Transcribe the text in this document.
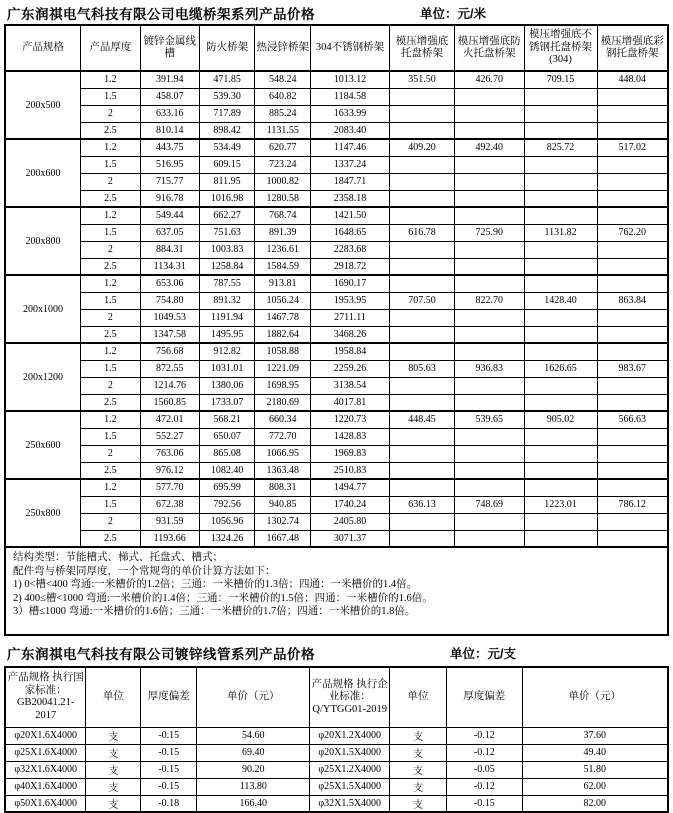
广东润祺电气科技有限公司电缆桥架系列产品价格	单位：元/米
产品规格	产品厚度	镀锌金属线槽	防火桥架	热浸锌桥架	304不锈钢桥架	模压增强底托盘桥架	模压增强底防火托盘桥架	模压增强底不锈钢托盘桥架(304)	模压增强底彩钢托盘桥架
200x500	1.2	391.94	471.85	548.24	1013.12	351.50	426.70	709.15	448.04
	1.5	458.07	539.30	640.82	1184.58				
	2	633.16	717.89	885.24	1633.99				
	2.5	810.14	898.42	1131.55	2083.40				
200x600	1.2	443.75	534.49	620.77	1147.46	409.20	492.40	825.72	517.02
	1.5	516.95	609.15	723.24	1337.24				
	2	715.77	811.95	1000.82	1847.71				
	2.5	916.78	1016.98	1280.58	2358.18				
200x800	1.2	549.44	662.27	768.74	1421.50				
	1.5	637.05	751.63	891.39	1648.65	616.78	725.90	1131.82	762.20
	2	884.31	1003.83	1236.61	2283.68				
	2.5	1134.31	1258.84	1584.59	2918.72				
200x1000	1.2	653.06	787.55	913.81	1690.17				
	1.5	754.80	891.32	1056.24	1953.95	707.50	822.70	1428.40	863.84
	2	1049.53	1191.94	1467.78	2711.11				
	2.5	1347.58	1495.95	1882.64	3468.26				
200x1200	1.2	756.68	912.82	1058.88	1958.84				
	1.5	872.55	1031.01	1221.09	2259.26	805.63	936.83	1626.65	983.67
	2	1214.76	1380.06	1698.95	3138.54				
	2.5	1560.85	1733.07	2180.69	4017.81				
250x600	1.2	472.01	568.21	660.34	1220.73	448.45	539.65	905.02	566.63
	1.5	552.27	650.07	772.70	1428.83				
	2	763.06	865.08	1066.95	1969.83				
	2.5	976.12	1082.40	1363.48	2510.83				
250x800	1.2	577.70	695.99	808.31	1494.77				
	1.5	672.38	792.56	940.85	1740.24	636.13	748.69	1223.01	786.12
	2	931.59	1056.96	1302.74	2405.80				
	2.5	1193.66	1324.26	1667.48	3071.37				
结构类型：节能槽式、梯式、托盘式、槽式；
配件弯与桥架同厚度，一个常规弯的单价计算方法如下：
1) 0<槽<400 弯通:一米槽价的1.2倍；三通：一米槽价的1.3倍；四通：一米槽价的1.4倍。
2) 400≤槽<1000 弯通:一米槽价的1.4倍；三通：一米槽价的1.5倍；四通：一米槽价的1.6倍。
3）槽≤1000 弯通:一米槽价的1.6倍；三通：一米槽价的1.7倍；四通：一米槽价的1.8倍。
广东润祺电气科技有限公司镀锌线管系列产品价格	单位：元/支
产品规格 执行国家标准：GB20041.21-2017	单位	厚度偏差	单价（元）	产品规格 执行企业标准：Q/YTGG01-2019	单位	厚度偏差	单价（元）
φ20X1.6X4000	支	-0.15	54.60	φ20X1.2X4000	支	-0.12	37.60
φ25X1.6X4000	支	-0.15	69.40	φ20X1.5X4000	支	-0.12	49.40
φ32X1.6X4000	支	-0.15	90.20	φ25X1.2X4000	支	-0.05	51.80
φ40X1.6X4000	支	-0.15	113.80	φ25X1.5X4000	支	-0.12	62.00
φ50X1.6X4000	支	-0.18	166.40	φ32X1.5X4000	支	-0.15	82.00
